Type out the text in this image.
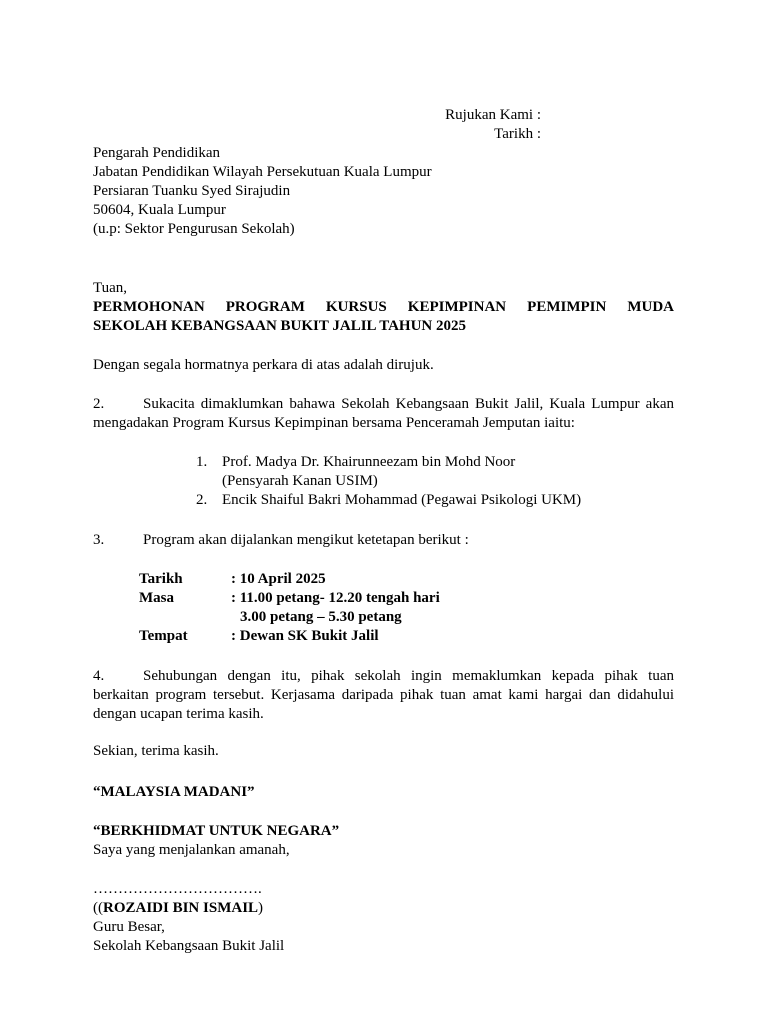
Rujukan Kami :
Tarikh :
Pengarah Pendidikan
Jabatan Pendidikan Wilayah Persekutuan Kuala Lumpur
Persiaran Tuanku Syed Sirajudin
50604, Kuala Lumpur
(u.p: Sektor Pengurusan Sekolah)
Tuan,
PERMOHONAN PROGRAM KURSUS KEPIMPINAN PEMIMPIN MUDA
SEKOLAH KEBANGSAAN BUKIT JALIL TAHUN 2025
Dengan segala hormatnya perkara di atas adalah dirujuk.
2.	Sukacita dimaklumkan bahawa Sekolah Kebangsaan Bukit Jalil, Kuala Lumpur akan mengadakan Program Kursus Kepimpinan bersama Penceramah Jemputan iaitu:
1. Prof. Madya Dr. Khairunneezam bin Mohd Noor
(Pensyarah Kanan USIM)
2. Encik Shaiful Bakri Mohammad (Pegawai Psikologi UKM)
3.	Program akan dijalankan mengikut ketetapan berikut :
Tarikh	: 10 April 2025
Masa	: 11.00 petang- 12.20 tengah hari
3.00 petang – 5.30 petang
Tempat	: Dewan SK Bukit Jalil
4.	Sehubungan dengan itu, pihak sekolah ingin memaklumkan kepada pihak tuan berkaitan program tersebut. Kerjasama daripada pihak tuan amat kami hargai dan didahului dengan ucapan terima kasih.
Sekian, terima kasih.
“MALAYSIA MADANI”
“BERKHIDMAT UNTUK NEGARA”
Saya yang menjalankan amanah,
…………………………….
((ROZAIDI BIN ISMAIL)
Guru Besar,
Sekolah Kebangsaan Bukit Jalil
